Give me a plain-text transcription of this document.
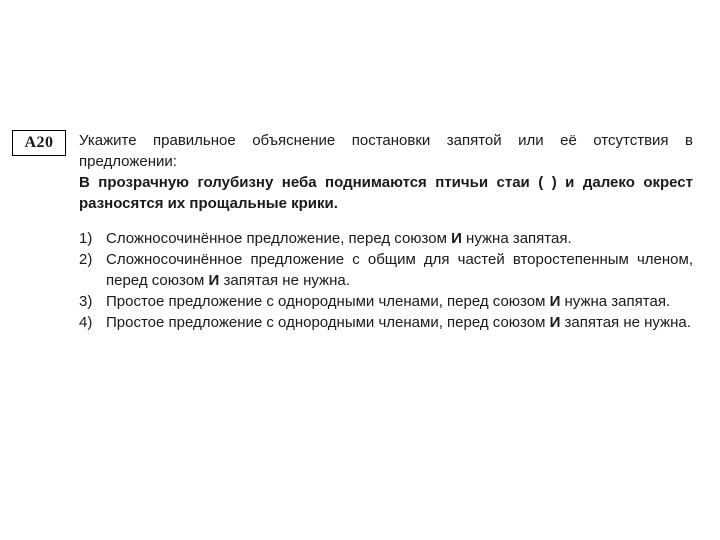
А20 Укажите правильное объяснение постановки запятой или её отсутствия в предложении:
В прозрачную голубизну неба поднимаются птичьи стаи ( ) и далеко окрест разносятся их прощальные крики.
1) Сложносочинённое предложение, перед союзом И нужна запятая.
2) Сложносочинённое предложение с общим для частей второстепенным членом, перед союзом И запятая не нужна.
3) Простое предложение с однородными членами, перед союзом И нужна запятая.
4) Простое предложение с однородными членами, перед союзом И запятая не нужна.
